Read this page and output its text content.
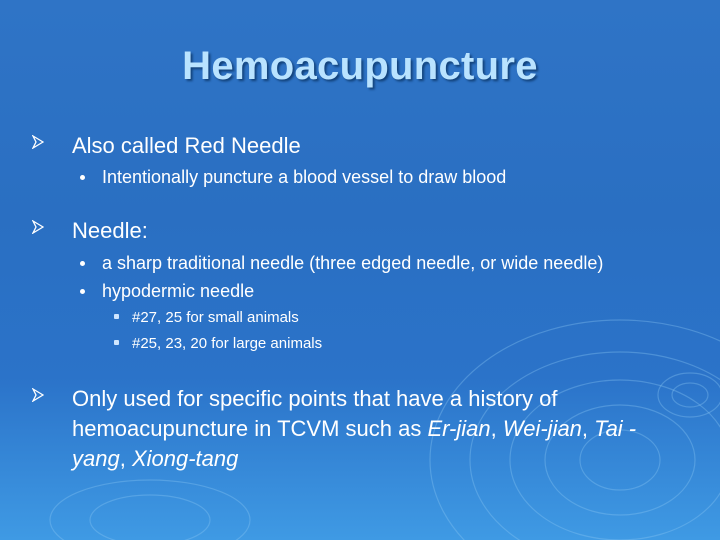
Hemoacupuncture
Also called Red Needle
Intentionally puncture a blood vessel to draw blood
Needle:
a sharp traditional needle (three edged needle, or wide needle)
hypodermic needle
#27, 25 for small animals
#25, 23, 20 for large animals
Only used for specific points that have a history of hemoacupuncture in TCVM such as Er-jian, Wei-jian, Tai -yang, Xiong-tang
